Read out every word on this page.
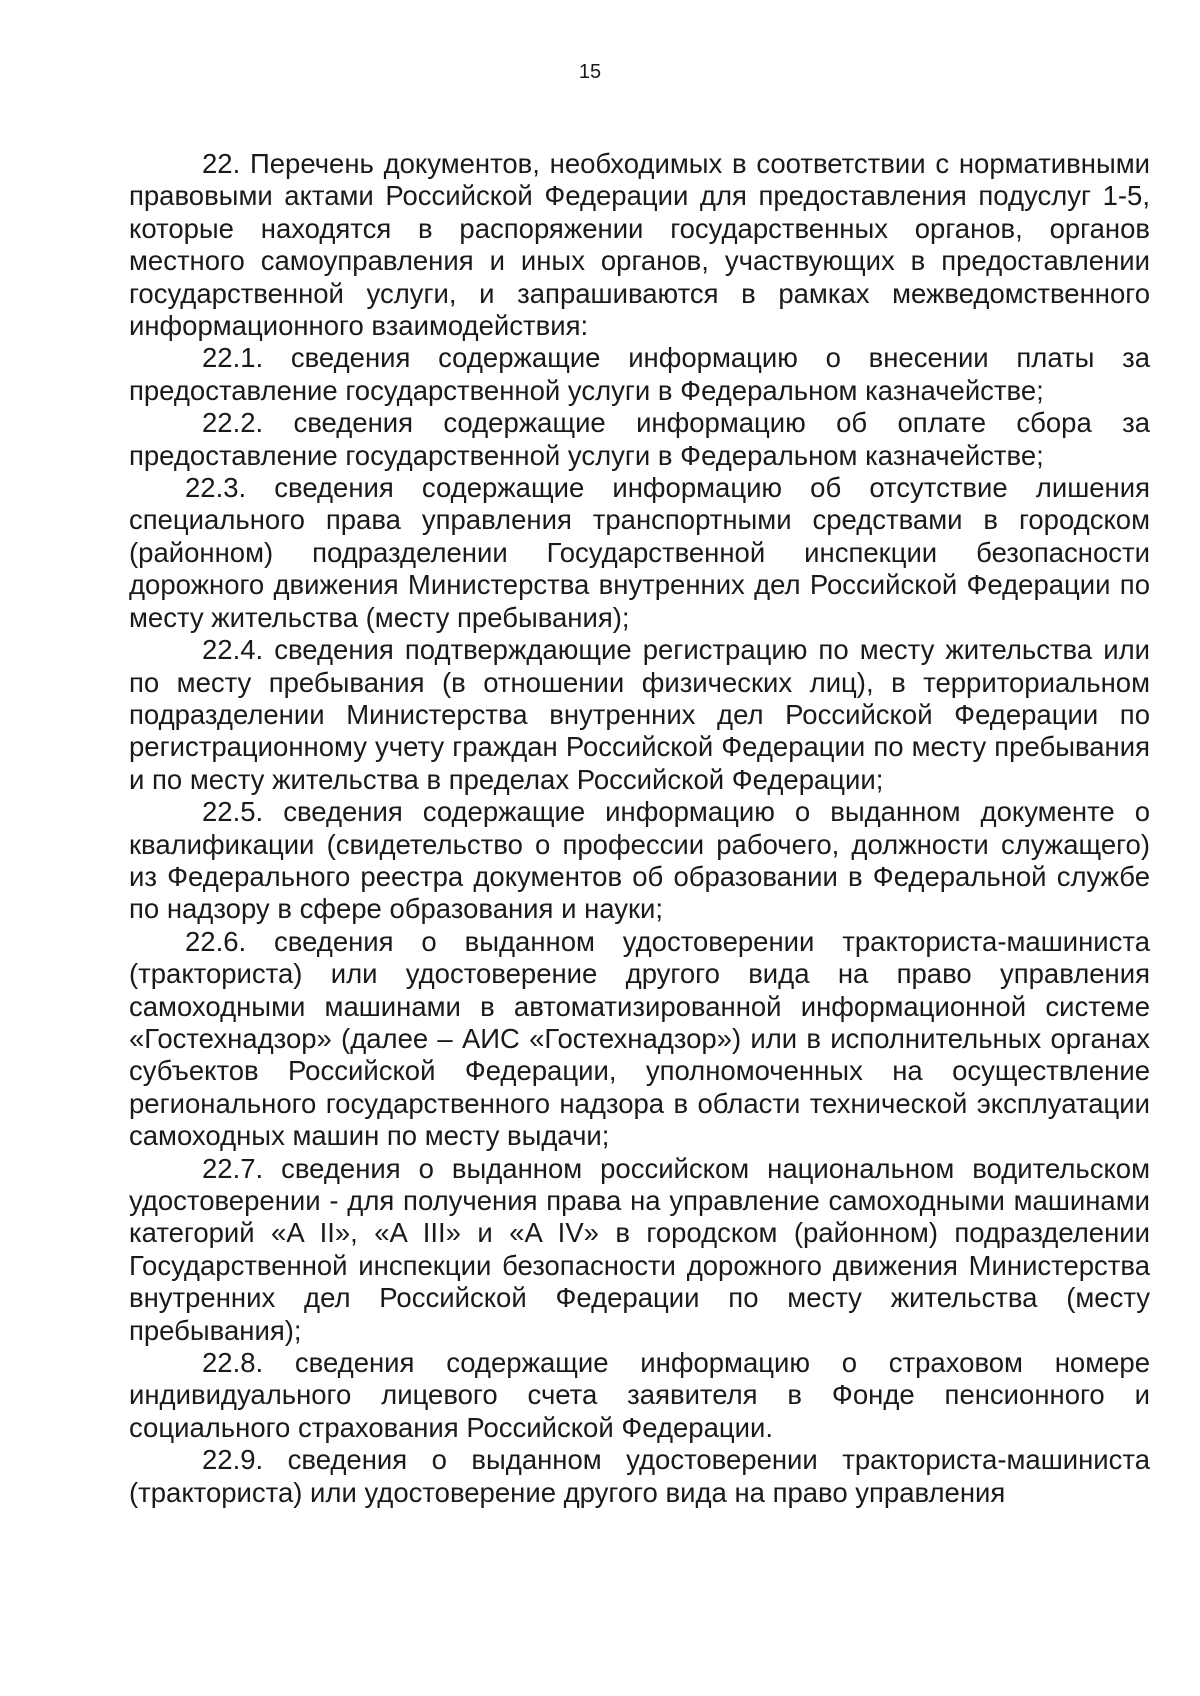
15

22. Перечень документов, необходимых в соответствии с нормативными правовыми актами Российской Федерации для предоставления подуслуг 1-5, которые находятся в распоряжении государственных органов, органов местного самоуправления и иных органов, участвующих в предоставлении государственной услуги, и запрашиваются в рамках межведомственного информационного взаимодействия:

22.1. сведения содержащие информацию о внесении платы за предоставление государственной услуги в Федеральном казначействе;

22.2. сведения содержащие информацию об оплате сбора за предоставление государственной услуги в Федеральном казначействе;

22.3. сведения содержащие информацию об отсутствие лишения специального права управления транспортными средствами в городском (районном) подразделении Государственной инспекции безопасности дорожного движения Министерства внутренних дел Российской Федерации по месту жительства (месту пребывания);

22.4. сведения подтверждающие регистрацию по месту жительства или по месту пребывания (в отношении физических лиц), в территориальном подразделении Министерства внутренних дел Российской Федерации по регистрационному учету граждан Российской Федерации по месту пребывания и по месту жительства в пределах Российской Федерации;

22.5. сведения содержащие информацию о выданном документе о квалификации (свидетельство о профессии рабочего, должности служащего) из Федерального реестра документов об образовании в Федеральной службе по надзору в сфере образования и науки;

22.6. сведения о выданном удостоверении тракториста-машиниста (тракториста) или удостоверение другого вида на право управления самоходными машинами в автоматизированной информационной системе «Гостехнадзор» (далее – АИС «Гостехнадзор») или в исполнительных органах субъектов Российской Федерации, уполномоченных на осуществление регионального государственного надзора в области технической эксплуатации самоходных машин по месту выдачи;

22.7. сведения о выданном российском национальном водительском удостоверении - для получения права на управление самоходными машинами категорий «A II», «A III» и «A IV» в городском (районном) подразделении Государственной инспекции безопасности дорожного движения Министерства внутренних дел Российской Федерации по месту жительства (месту пребывания);

22.8. сведения содержащие информацию о страховом номере индивидуального лицевого счета заявителя в Фонде пенсионного и социального страхования Российской Федерации.

22.9. сведения о выданном удостоверении тракториста-машиниста (тракториста) или удостоверение другого вида на право управления
